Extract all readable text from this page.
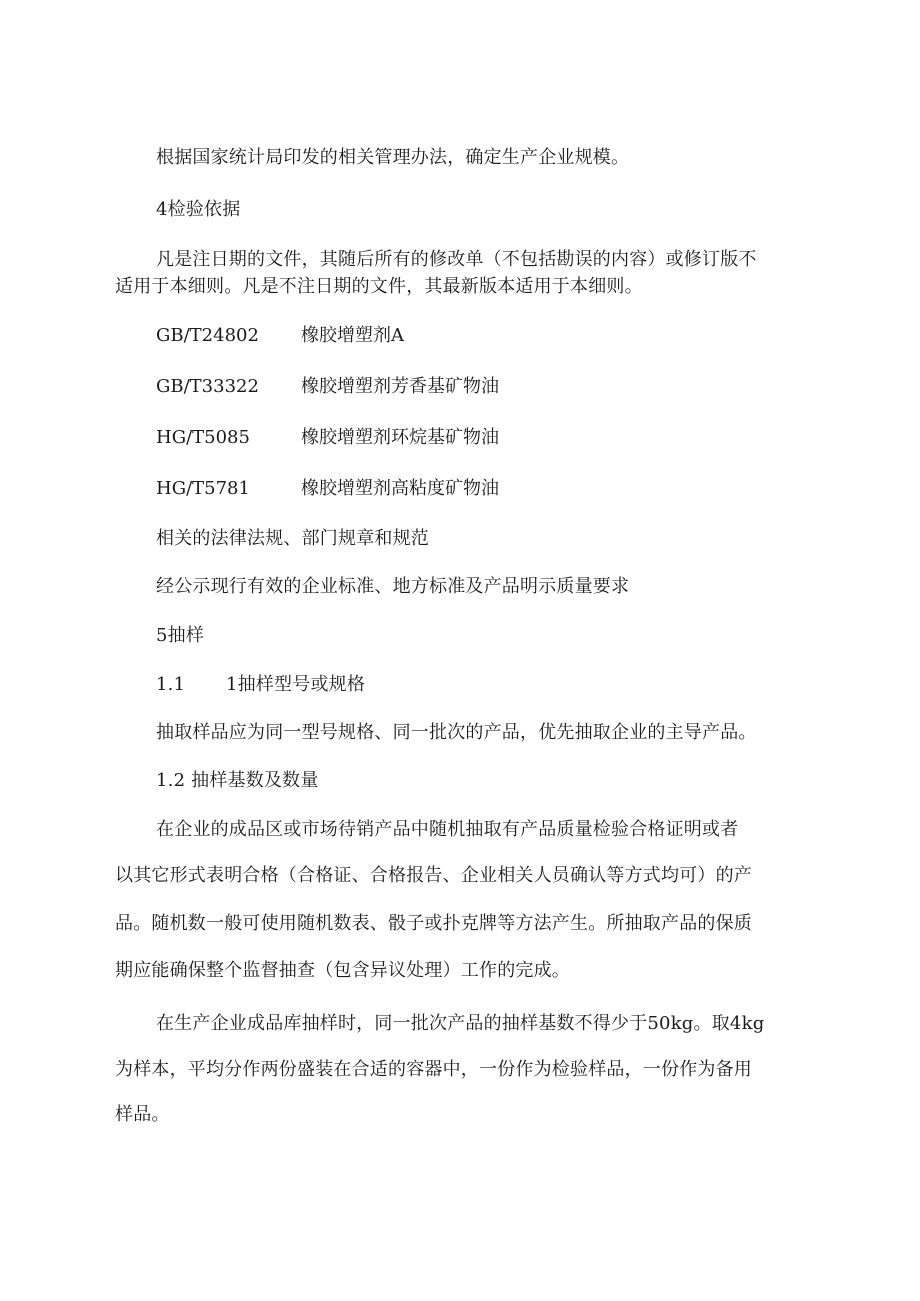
根据国家统计局印发的相关管理办法，确定生产企业规模。
4检验依据
凡是注日期的文件，其随后所有的修改单（不包括勘误的内容）或修订版不
适用于本细则。凡是不注日期的文件，其最新版本适用于本细则。
GB/T24802 橡胶增塑剂A
GB/T33322 橡胶增塑剂芳香基矿物油
HG/T5085	橡胶增塑剂环烷基矿物油
HG/T5781	橡胶增塑剂高粘度矿物油
相关的法律法规、部门规章和规范
经公示现行有效的企业标准、地方标准及产品明示质量要求
5抽样
1.1 1抽样型号或规格
抽取样品应为同一型号规格、同一批次的产品，优先抽取企业的主导产品。
1.2 抽样基数及数量
在企业的成品区或市场待销产品中随机抽取有产品质量检验合格证明或者
以其它形式表明合格（合格证、合格报告、企业相关人员确认等方式均可）的产
品。随机数一般可使用随机数表、骰子或扑克牌等方法产生。所抽取产品的保质
期应能确保整个监督抽查（包含异议处理）工作的完成。
在生产企业成品库抽样时，同一批次产品的抽样基数不得少于50kg。取4kg
为样本，平均分作两份盛装在合适的容器中，一份作为检验样品，一份作为备用
样品。
